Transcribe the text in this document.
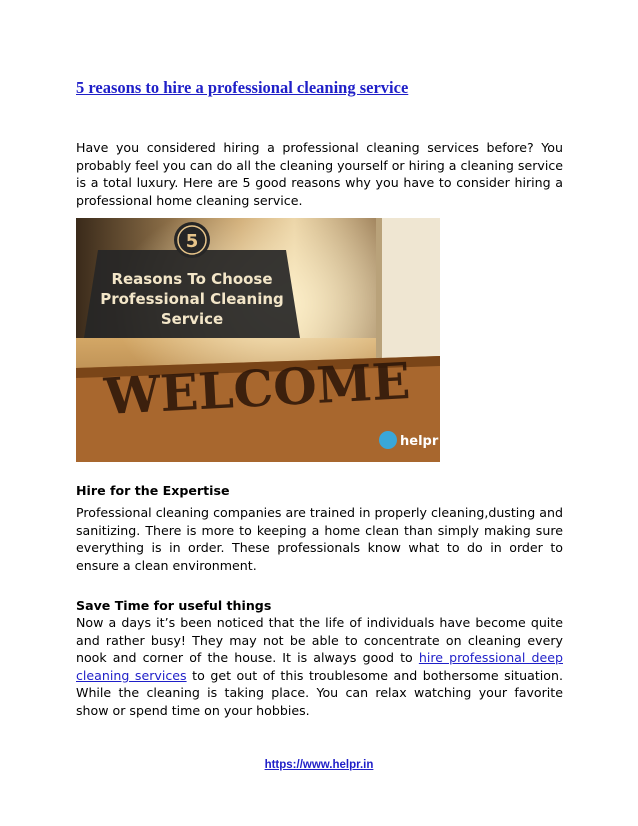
5 reasons to hire a professional cleaning service

Have you considered hiring a professional cleaning services before? You probably feel you can do all the cleaning yourself or hiring a cleaning service is a total luxury. Here are 5 good reasons why you have to consider hiring a professional home cleaning service.

5
Reasons To Choose
Professional Cleaning
Service
WELCOME
helpr
Hire for the Expertise

Professional cleaning companies are trained in properly cleaning,dusting and sanitizing. There is more to keeping a home clean than simply making sure everything is in order. These professionals know what to do in order to ensure a clean environment.

Save Time for useful things

Now a days it’s been noticed that the life of individuals have become quite and rather busy! They may not be able to concentrate on cleaning every nook and corner of the house. It is always good to hire professional deep cleaning services to get out of this troublesome and bothersome situation. While the cleaning is taking place. You can relax watching your favorite show or spend time on your hobbies.

https://www.helpr.in
